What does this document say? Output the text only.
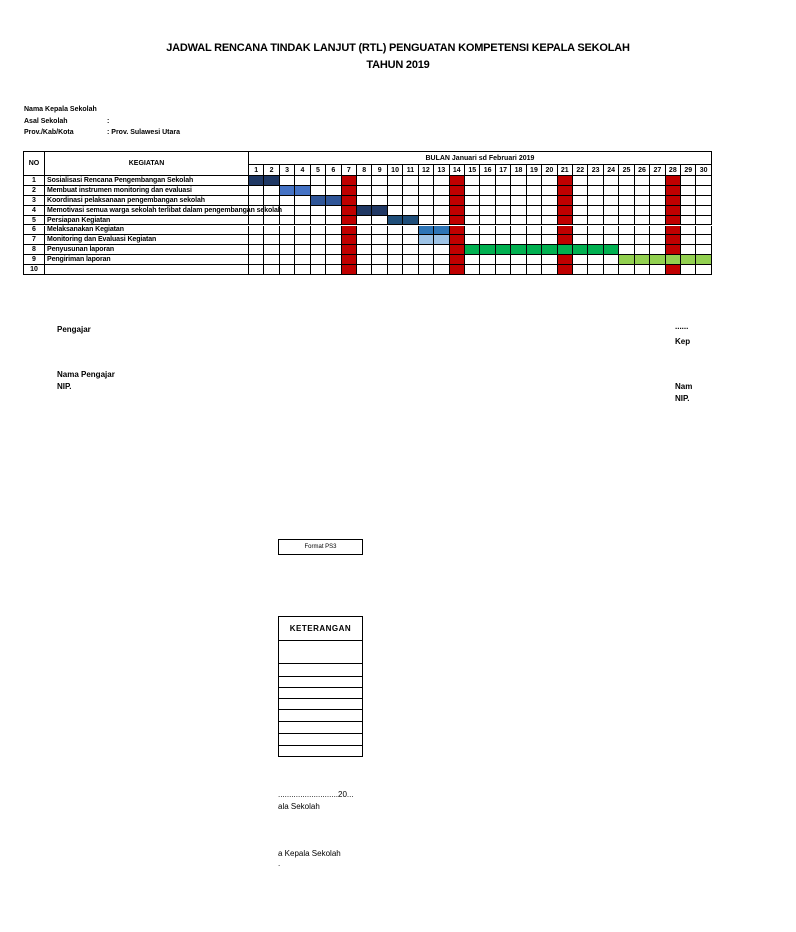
JADWAL RENCANA TINDAK LANJUT (RTL) PENGUATAN KOMPETENSI KEPALA SEKOLAH
TAHUN 2019
Nama Kepala Sekolah
Asal Sekolah	:
Prov./Kab/Kota	: Prov. Sulawesi Utara
NO	KEGIATAN
BULAN Januari sd Februari 2019
1	2	3	4	5	6	7	8	9	10	11	12	13	14	15	16	17	18	19	20	21	22	23	24	25	26	27	28	29	30
1	Sosialisasi Rencana Pengembangan Sekolah
2	Membuat instrumen monitoring dan evaluasi
3	Koordinasi pelaksanaan pengembangan sekolah
4	Memotivasi semua warga sekolah terlibat dalam pengembangan sekolah
5	Persiapan Kegiatan
6	Melaksanakan Kegiatan
7	Monitoring dan Evaluasi Kegiatan
8	Penyusunan laporan
9	Pengiriman laporan
10
Pengajar
Nama Pengajar
NIP.
......
Kep
Nam
NIP.
Format PS3
KETERANGAN
...........................20...
ala Sekolah
a Kepala Sekolah
.
